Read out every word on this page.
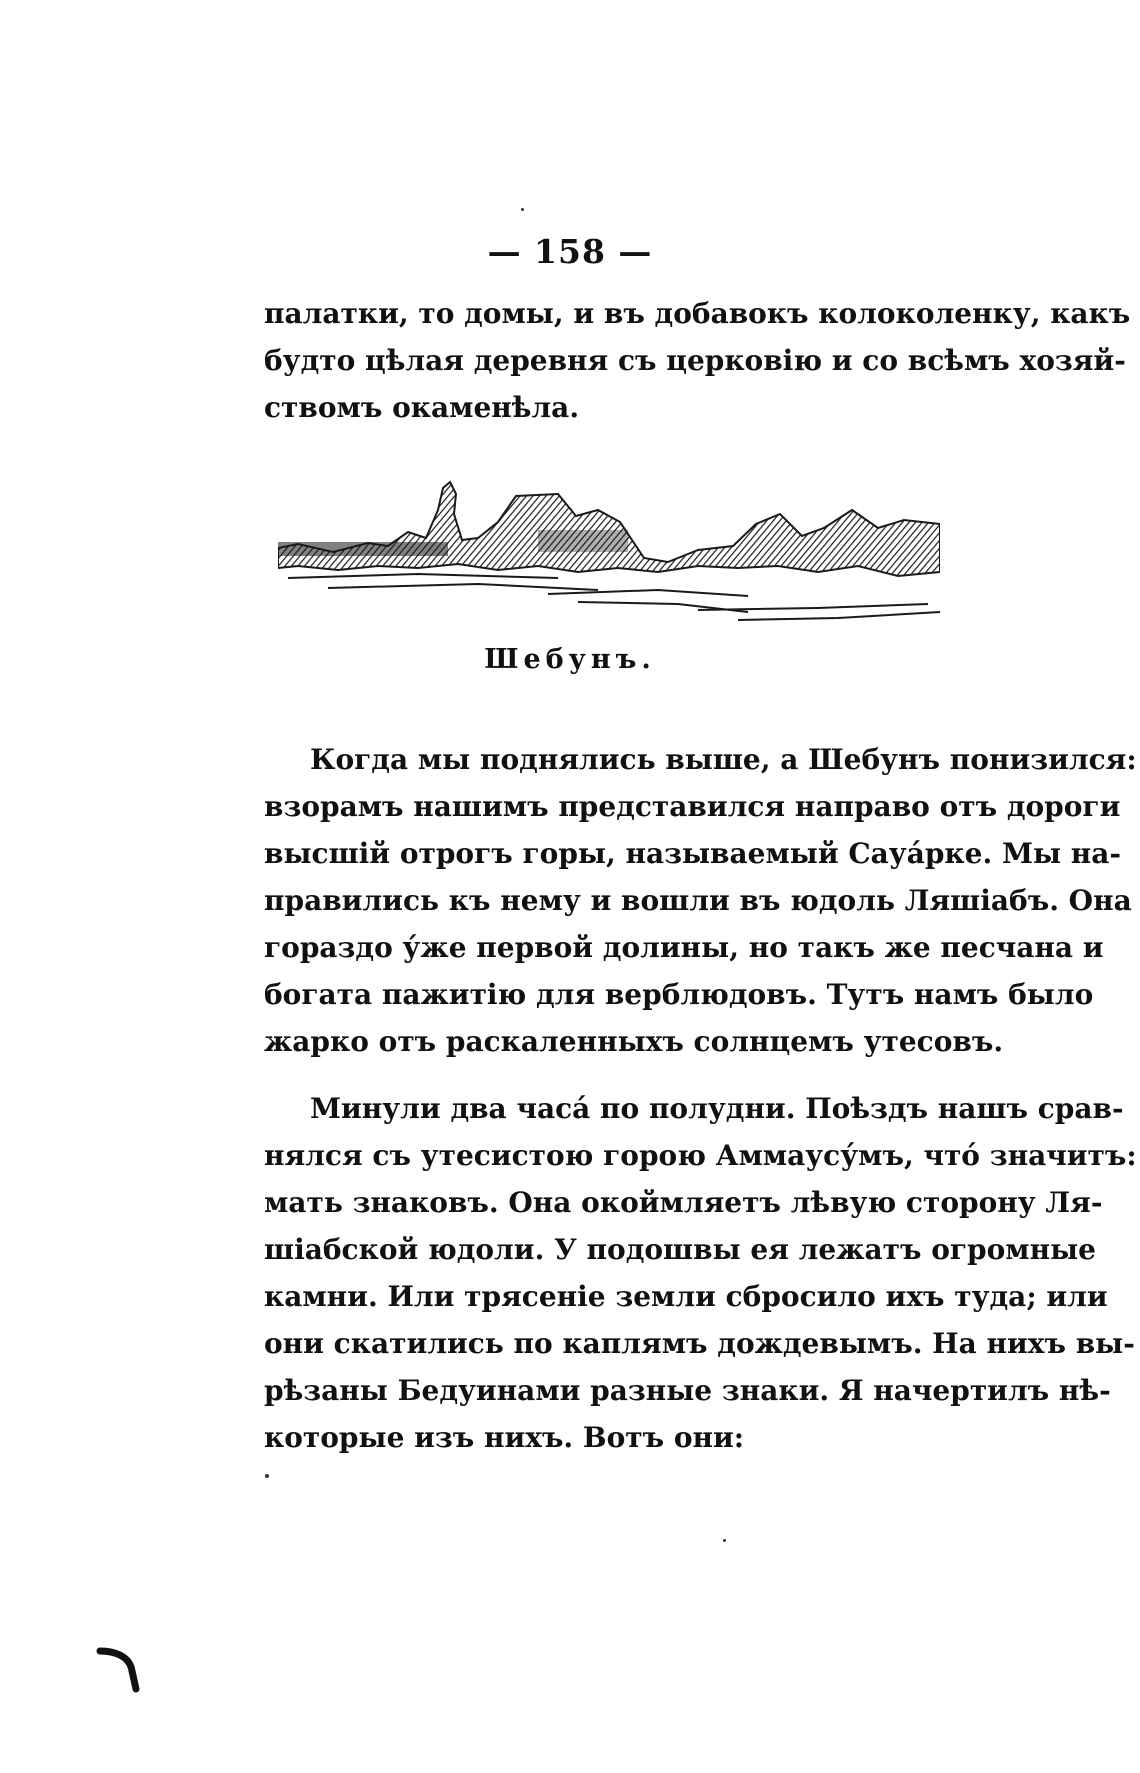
— 158 —
палатки, то домы, и въ добавокъ колоколенку, какъ
будто цѣлая деревня съ церковію и со всѣмъ хозяй-
ствомъ окаменѣла.
Шебунъ.
Когда мы поднялись выше, а Шебунъ понизился:
взорамъ нашимъ представился направо отъ дороги
высшій отрогъ горы, называемый Сауа́рке. Мы на-
правились къ нему и вошли въ юдоль Ляшіабъ. Она
гораздо у́же первой долины, но такъ же песчана и
богата пажитію для верблюдовъ. Тутъ намъ было
жарко отъ раскаленныхъ солнцемъ утесовъ.
Минули два часа́ по полудни. Поѣздъ нашъ срав-
нялся съ утесистою горою Аммаусу́мъ, что́ значитъ:
мать знаковъ. Она окоймляетъ лѣвую сторону Ля-
шіабской юдоли. У подошвы ея лежатъ огромные
камни. Или трясеніе земли сбросило ихъ туда; или
они скатились по каплямъ дождевымъ. На нихъ вы-
рѣзаны Бедуинами разные знаки. Я начертилъ нѣ-
которые изъ нихъ. Вотъ они:
